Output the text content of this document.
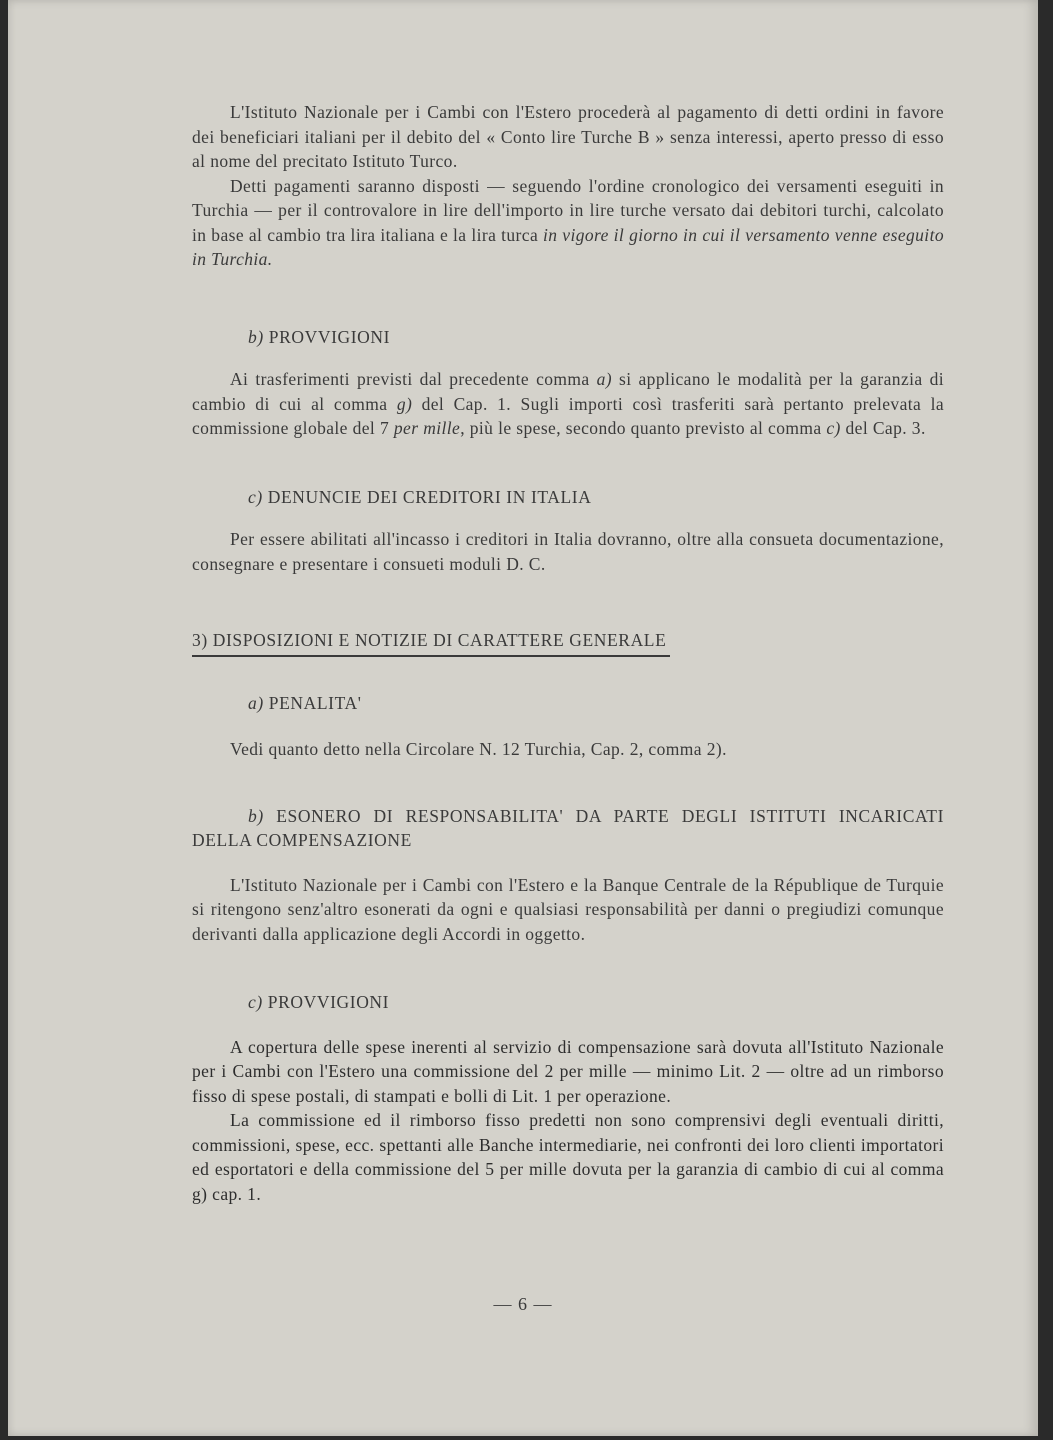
L'Istituto Nazionale per i Cambi con l'Estero procederà al pagamento di detti ordini in favore dei beneficiari italiani per il debito del « Conto lire Turche B » senza interessi, aperto presso di esso al nome del precitato Istituto Turco.

Detti pagamenti saranno disposti — seguendo l'ordine cronologico dei versamenti eseguiti in Turchia — per il controvalore in lire dell'importo in lire turche versato dai debitori turchi, calcolato in base al cambio tra lira italiana e la lira turca in vigore il giorno in cui il versamento venne eseguito in Turchia.

b) PROVVIGIONI

Ai trasferimenti previsti dal precedente comma a) si applicano le modalità per la garanzia di cambio di cui al comma g) del Cap. 1. Sugli importi così trasferiti sarà pertanto prelevata la commissione globale del 7 per mille, più le spese, secondo quanto previsto al comma c) del Cap. 3.

c) DENUNCIE DEI CREDITORI IN ITALIA

Per essere abilitati all'incasso i creditori in Italia dovranno, oltre alla consueta documentazione, consegnare e presentare i consueti moduli D. C.

3) DISPOSIZIONI E NOTIZIE DI CARATTERE GENERALE
a) PENALITA'

Vedi quanto detto nella Circolare N. 12 Turchia, Cap. 2, comma 2).

b) ESONERO DI RESPONSABILITA' DA PARTE DEGLI ISTITUTI INCARICATI DELLA COMPENSAZIONE

L'Istituto Nazionale per i Cambi con l'Estero e la Banque Centrale de la République de Turquie si ritengono senz'altro esonerati da ogni e qualsiasi responsabilità per danni o pregiudizi comunque derivanti dalla applicazione degli Accordi in oggetto.

c) PROVVIGIONI

A copertura delle spese inerenti al servizio di compensazione sarà dovuta all'Istituto Nazionale per i Cambi con l'Estero una commissione del 2 per mille — minimo Lit. 2 — oltre ad un rimborso fisso di spese postali, di stampati e bolli di Lit. 1 per operazione.

La commissione ed il rimborso fisso predetti non sono comprensivi degli eventuali diritti, commissioni, spese, ecc. spettanti alle Banche intermediarie, nei confronti dei loro clienti importatori ed esportatori e della commissione del 5 per mille dovuta per la garanzia di cambio di cui al comma g) cap. 1.

— 6 —
